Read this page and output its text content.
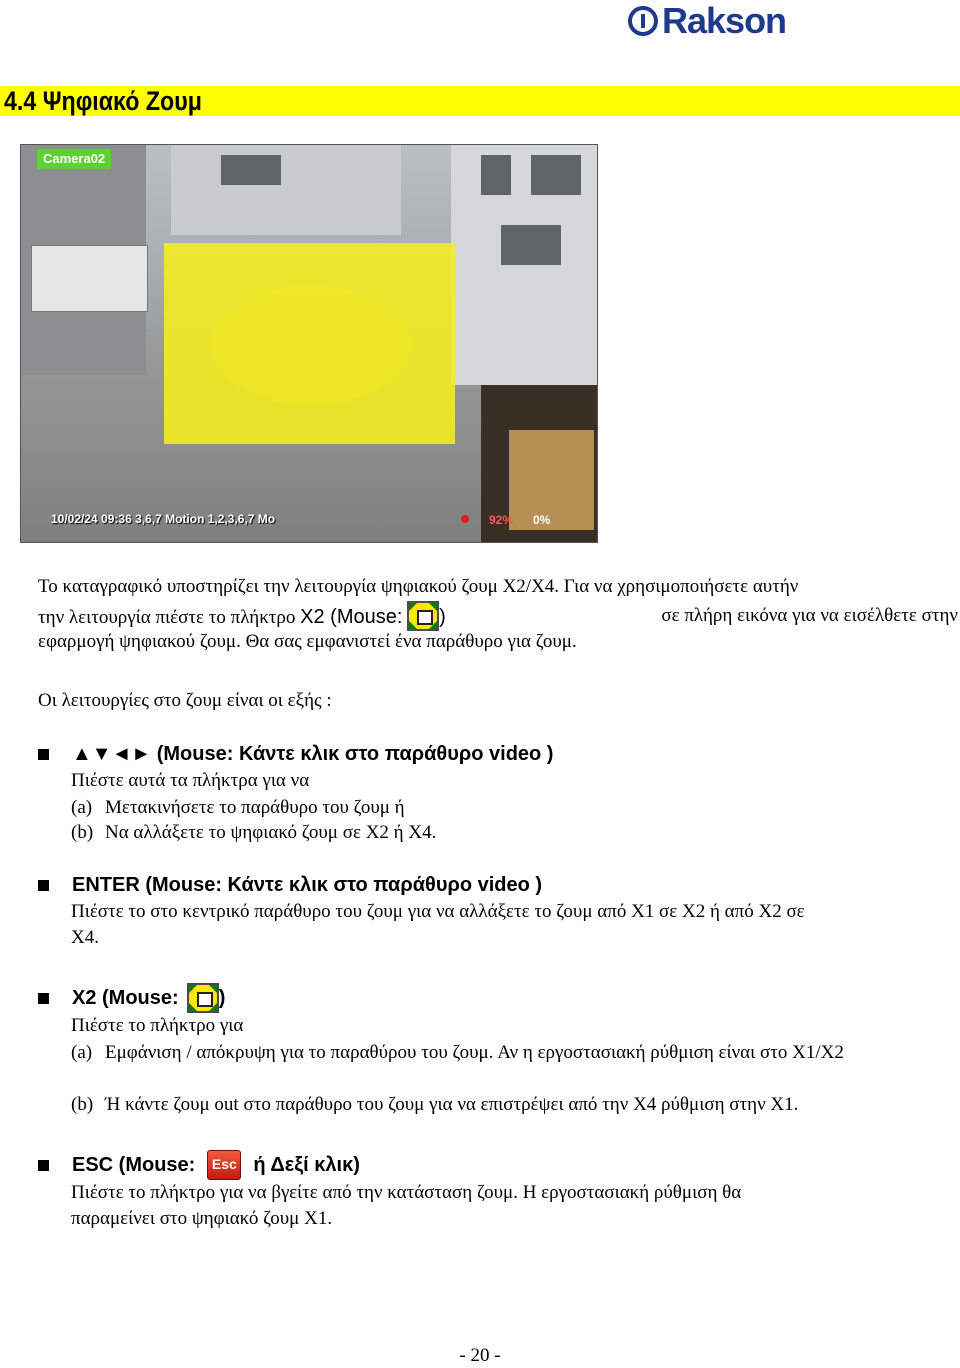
Rakson
4.4 Ψηφιακό Ζουμ
Camera02
10/02/24 09:36 3,6,7 Motion 1,2,3,6,7 Mo	92% 0%

Το καταγραφικό υποστηρίζει την λειτουργία ψηφιακού ζουμ X2/X4. Για να χρησιμοποιήσετε αυτήν

την λειτουργία πιέστε το πλήκτρο X2 (Mouse: )	σε πλήρη εικόνα για να εισέλθετε στην

εφαρμογή ψηφιακού ζουμ. Θα σας εμφανιστεί ένα παράθυρο για ζουμ.

Οι λειτουργίες στο ζουμ είναι οι εξής :

▲▼◄► (Mouse: Κάντε κλικ στο παράθυρο video )

Πιέστε αυτά τα πλήκτρα για να

(a) Μετακινήσετε το παράθυρο του ζουμ ή
(b) Να αλλάξετε το ψηφιακό ζουμ σε X2 ή X4.
ENTER (Mouse: Κάντε κλικ στο παράθυρο video )

Πιέστε το στο κεντρικό παράθυρο του ζουμ για να αλλάξετε το ζουμ από X1 σε X2 ή από X2 σε

X4.

X2 (Mouse: )

Πιέστε το πλήκτρο για

(a) Εμφάνιση / απόκρυψη για το παραθύρου του ζουμ. Αν η εργοστασιακή ρύθμιση είναι στο X1/X2
(b) Ή κάντε ζουμ out στο παράθυρο του ζουμ για να επιστρέψει από την X4 ρύθμιση στην X1.
ESC (Mouse:	Esc ή Δεξί κλικ)

Πιέστε το πλήκτρο για να βγείτε από την κατάσταση ζουμ. Η εργοστασιακή ρύθμιση θα

παραμείνει στο ψηφιακό ζουμ X1.

- 20 -
